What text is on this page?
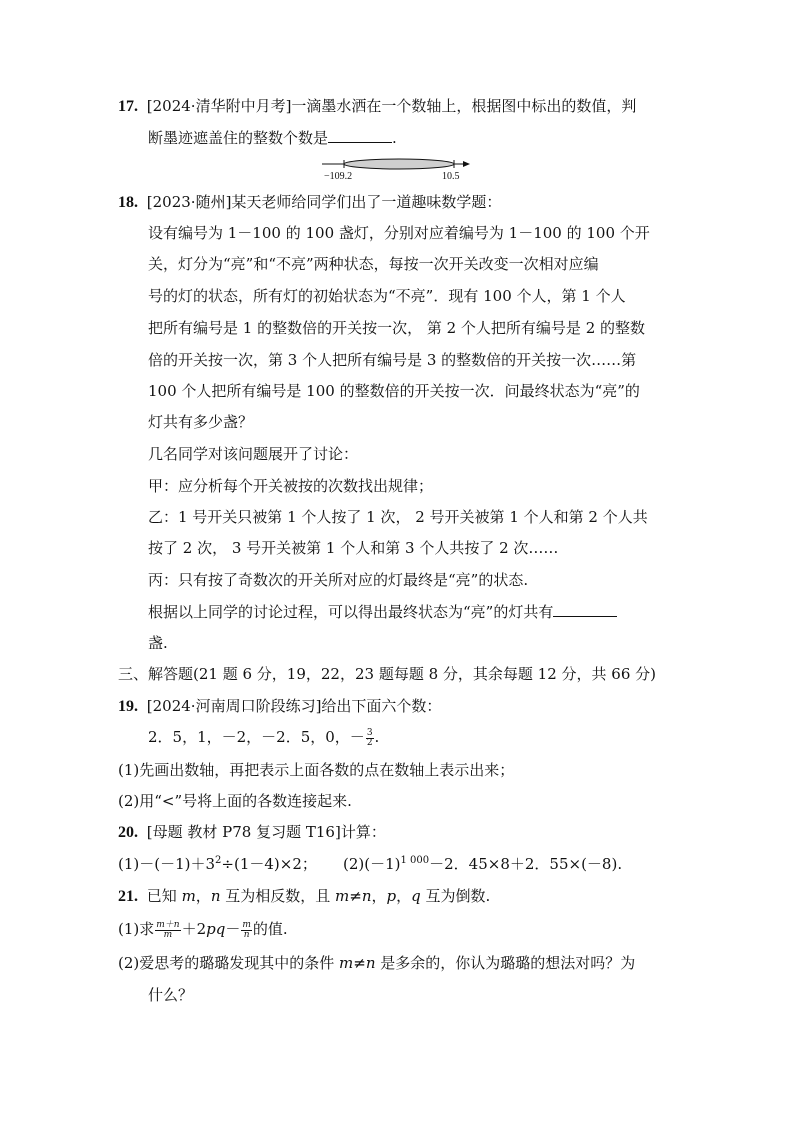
17. [2024·清华附中月考]一滴墨水洒在一个数轴上，根据图中标出的数值，判
断墨迹遮盖住的整数个数是	.
−109.2	10.5
18. [2023·随州]某天老师给同学们出了一道趣味数学题：
设有编号为 1－100 的 100 盏灯，分别对应着编号为 1－100 的 100 个开
关，灯分为“亮”和“不亮”两种状态，每按一次开关改变一次相对应编
号的灯的状态，所有灯的初始状态为“不亮”．现有 100 个人，第 1 个人
把所有编号是 1 的整数倍的开关按一次， 第 2 个人把所有编号是 2 的整数
倍的开关按一次，第 3 个人把所有编号是 3 的整数倍的开关按一次……第
100 个人把所有编号是 100 的整数倍的开关按一次．问最终状态为“亮”的
灯共有多少盏？
几名同学对该问题展开了讨论：
甲：应分析每个开关被按的次数找出规律；
乙：1 号开关只被第 1 个人按了 1 次， 2 号开关被第 1 个人和第 2 个人共
按了 2 次， 3 号开关被第 1 个人和第 3 个人共按了 2 次……
丙：只有按了奇数次的开关所对应的灯最终是“亮”的状态.
根据以上同学的讨论过程，可以得出最终状态为“亮”的灯共有
盏.
三、解答题(21 题 6 分，19，22，23 题每题 8 分，其余每题 12 分，共 66 分)
19. [2024·河南周口阶段练习]给出下面六个数：
2．5，1，－2，－2．5，0，－ $\frac{3}{2}$ .
(1)先画出数轴，再把表示上面各数的点在数轴上表示出来；
(2)用“<”号将上面的各数连接起来.
20. [母题 教材 P78 复习题 T16]计算：
$(1)-(-1)+3^2\div(1-4)\times 2$； $(2)(-1)^{1 000}-2$．45×8＋2．55×(－8).
21. 已知 m，n 互为相反数，且 m≠n，p，q 互为倒数.
(1)求 $\frac{m+n}{m} +2pq- \frac{m}{n}$ 的值.
(2)爱思考的璐璐发现其中的条件 m≠n 是多余的，你认为璐璐的想法对吗？为
什么？
